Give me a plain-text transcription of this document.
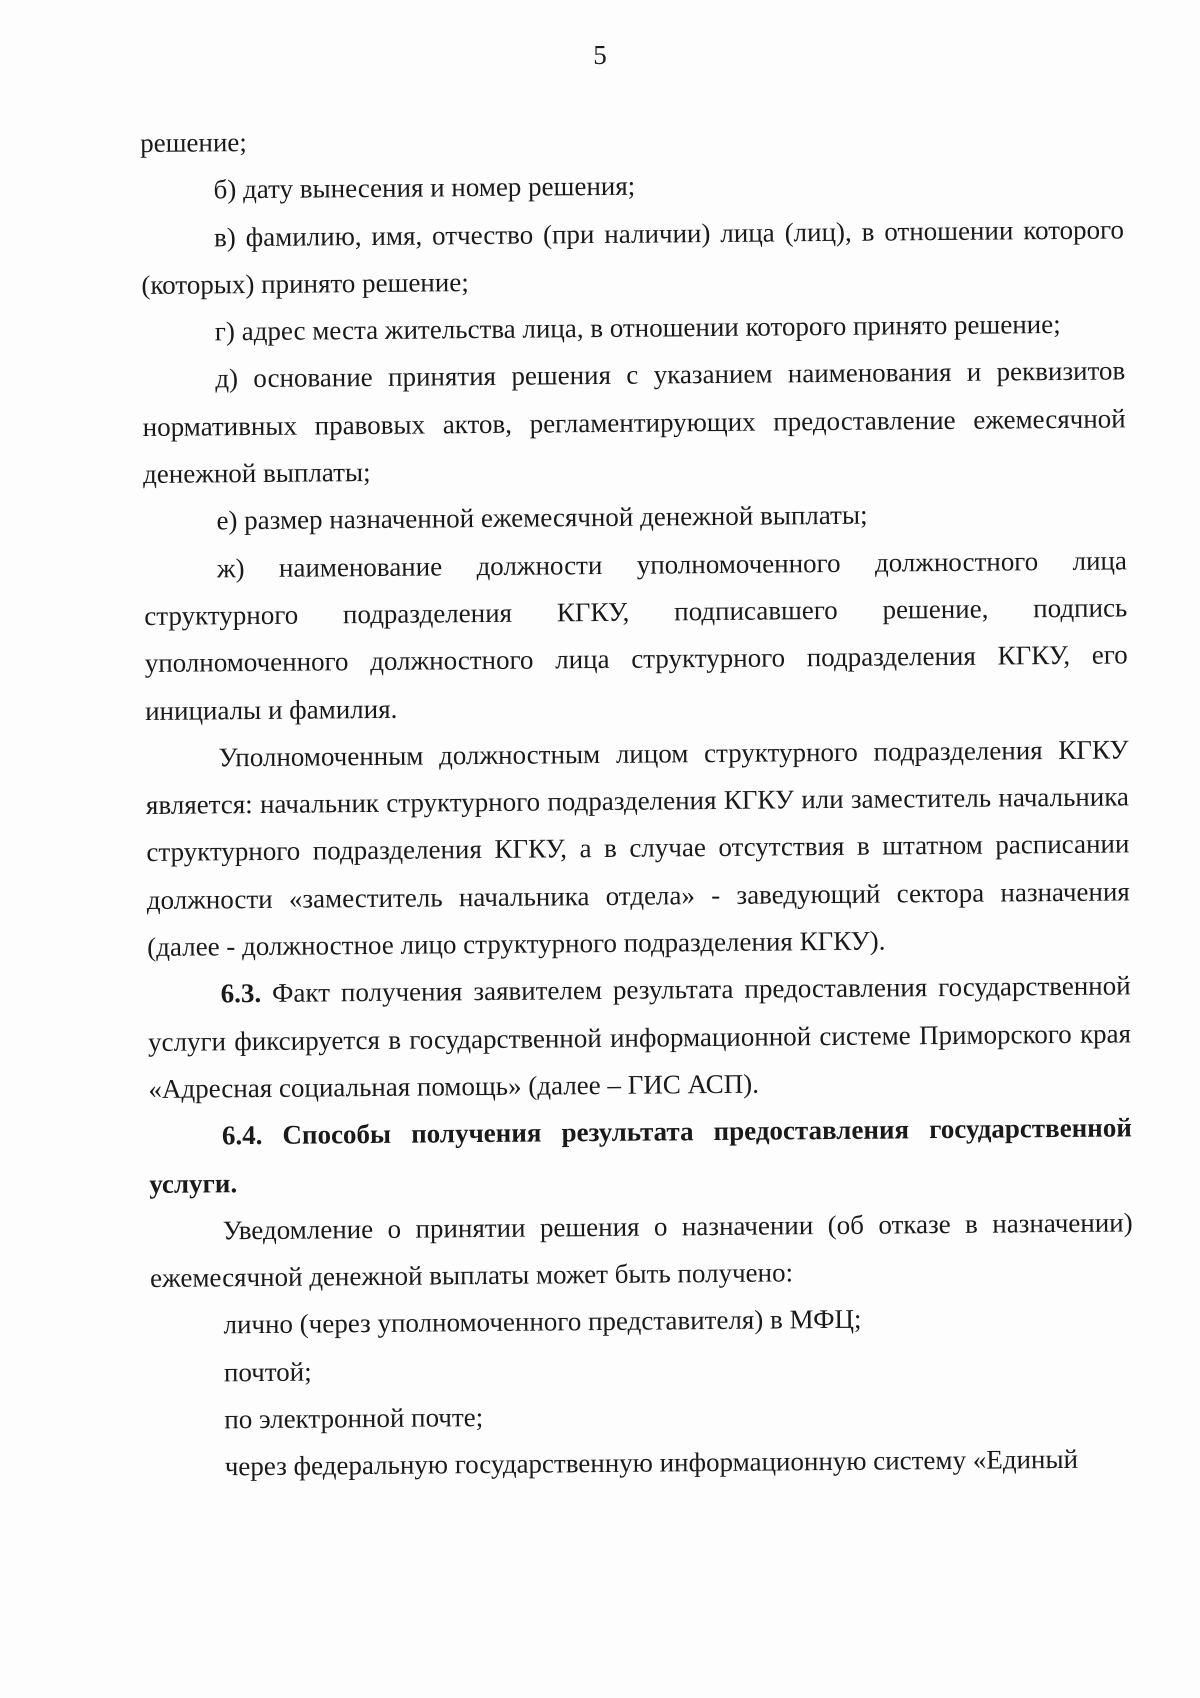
5

решение;

б) дату вынесения и номер решения;

в) фамилию, имя, отчество (при наличии) лица (лиц), в отношении которого (которых) принято решение;

г) адрес места жительства лица, в отношении которого принято решение;

д) основание принятия решения с указанием наименования и реквизитов нормативных правовых актов, регламентирующих предоставление ежемесячной денежной выплаты;

е) размер назначенной ежемесячной денежной выплаты;

ж) наименование должности уполномоченного должностного лица структурного подразделения КГКУ, подписавшего решение, подпись уполномоченного должностного лица структурного подразделения КГКУ, его инициалы и фамилия.

Уполномоченным должностным лицом структурного подразделения КГКУ является: начальник структурного подразделения КГКУ или заместитель начальника структурного подразделения КГКУ, а в случае отсутствия в штатном расписании должности «заместитель начальника отдела» - заведующий сектора назначения (далее - должностное лицо структурного подразделения КГКУ).

6.3. Факт получения заявителем результата предоставления государственной услуги фиксируется в государственной информационной системе Приморского края «Адресная социальная помощь» (далее – ГИС АСП).

6.4. Способы получения результата предоставления государственной услуги.

Уведомление о принятии решения о назначении (об отказе в назначении) ежемесячной денежной выплаты может быть получено:

лично (через уполномоченного представителя) в МФЦ;

почтой;

по электронной почте;

через федеральную государственную информационную систему «Единый
